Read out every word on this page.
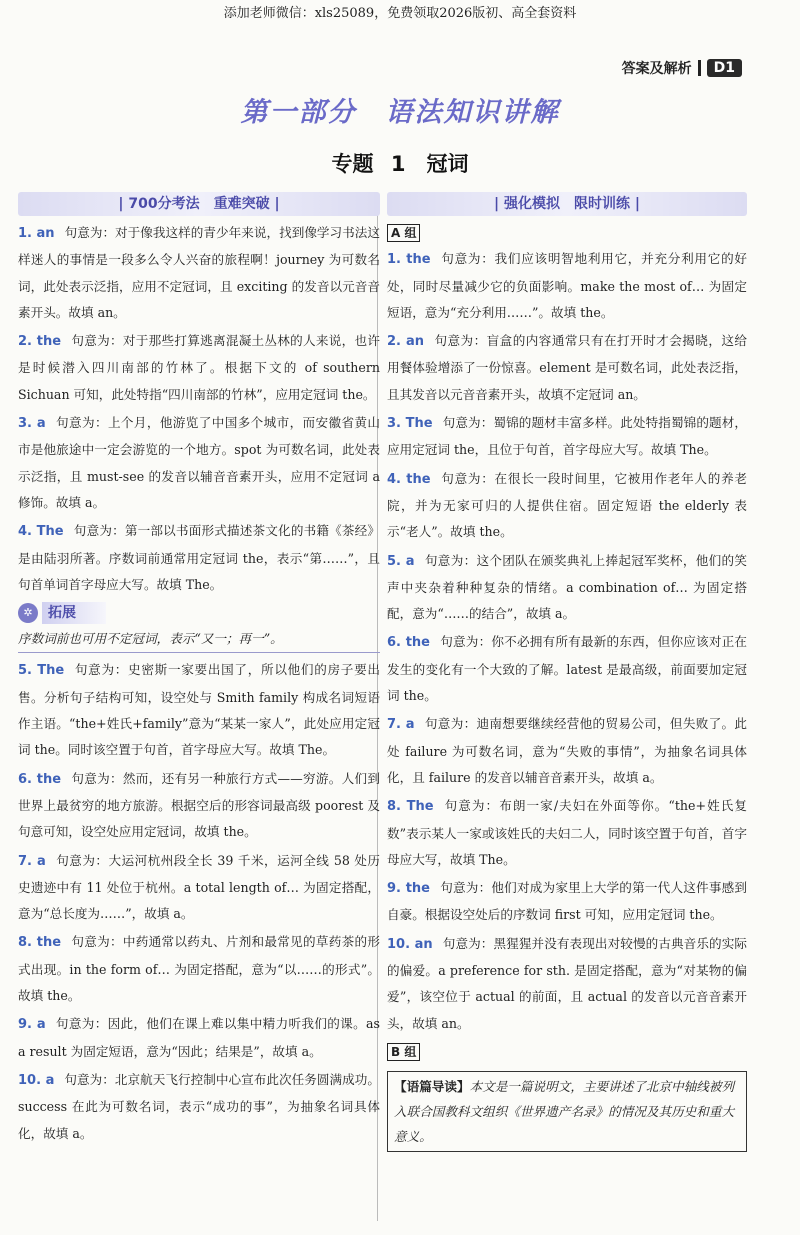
添加老师微信：xls25089，免费领取2026版初、高全套资料
答案及解析	D1
第一部分　语法知识讲解
专题 1　冠词
| 700分考法　重难突破 |
1. an 句意为：对于像我这样的青少年来说，找到像学习书法这样迷人的事情是一段多么令人兴奋的旅程啊！journey 为可数名词，此处表示泛指，应用不定冠词，且 exciting 的发音以元音音素开头。故填 an。
2. the 句意为：对于那些打算逃离混凝土丛林的人来说，也许是时候潜入四川南部的竹林了。根据下文的 of southern Sichuan 可知，此处特指“四川南部的竹林”，应用定冠词 the。
3. a 句意为：上个月，他游览了中国多个城市，而安徽省黄山市是他旅途中一定会游览的一个地方。spot 为可数名词，此处表示泛指，且 must-see 的发音以辅音音素开头，应用不定冠词 a 修饰。故填 a。
4. The 句意为：第一部以书面形式描述茶文化的书籍《茶经》是由陆羽所著。序数词前通常用定冠词 the，表示“第……”，且句首单词首字母应大写。故填 The。
✲	拓展
序数词前也可用不定冠词，表示“又一；再一”。
5. The 句意为：史密斯一家要出国了，所以他们的房子要出售。分析句子结构可知，设空处与 Smith family 构成名词短语作主语。“the+姓氏+family”意为“某某一家人”，此处应用定冠词 the。同时该空置于句首，首字母应大写。故填 The。
6. the 句意为：然而，还有另一种旅行方式——穷游。人们到世界上最贫穷的地方旅游。根据空后的形容词最高级 poorest 及句意可知，设空处应用定冠词，故填 the。
7. a 句意为：大运河杭州段全长 39 千米，运河全线 58 处历史遗迹中有 11 处位于杭州。a total length of… 为固定搭配，意为“总长度为……”，故填 a。
8. the 句意为：中药通常以药丸、片剂和最常见的草药茶的形式出现。in the form of… 为固定搭配，意为“以……的形式”。故填 the。
9. a 句意为：因此，他们在课上难以集中精力听我们的课。as a result 为固定短语，意为“因此；结果是”，故填 a。
10. a 句意为：北京航天飞行控制中心宣布此次任务圆满成功。success 在此为可数名词，表示“成功的事”，为抽象名词具体化，故填 a。
| 强化模拟　限时训练 |
A 组
1. the 句意为：我们应该明智地利用它，并充分利用它的好处，同时尽量减少它的负面影响。make the most of… 为固定短语，意为“充分利用……”。故填 the。
2. an 句意为：盲盒的内容通常只有在打开时才会揭晓，这给用餐体验增添了一份惊喜。element 是可数名词，此处表泛指，且其发音以元音音素开头，故填不定冠词 an。
3. The 句意为：蜀锦的题材丰富多样。此处特指蜀锦的题材，应用定冠词 the，且位于句首，首字母应大写。故填 The。
4. the 句意为：在很长一段时间里，它被用作老年人的养老院，并为无家可归的人提供住宿。固定短语 the elderly 表示“老人”。故填 the。
5. a 句意为：这个团队在颁奖典礼上捧起冠军奖杯，他们的笑声中夹杂着种种复杂的情绪。a combination of… 为固定搭配，意为“……的结合”，故填 a。
6. the 句意为：你不必拥有所有最新的东西，但你应该对正在发生的变化有一个大致的了解。latest 是最高级，前面要加定冠词 the。
7. a 句意为：迪南想要继续经营他的贸易公司，但失败了。此处 failure 为可数名词，意为“失败的事情”，为抽象名词具体化，且 failure 的发音以辅音音素开头，故填 a。
8. The 句意为：布朗一家/夫妇在外面等你。“the+姓氏复数”表示某人一家或该姓氏的夫妇二人，同时该空置于句首，首字母应大写，故填 The。
9. the 句意为：他们对成为家里上大学的第一代人这件事感到自豪。根据设空处后的序数词 first 可知，应用定冠词 the。
10. an 句意为：黑猩猩并没有表现出对较慢的古典音乐的实际的偏爱。a preference for sth. 是固定搭配，意为“对某物的偏爱”，该空位于 actual 的前面，且 actual 的发音以元音音素开头，故填 an。
B 组
【语篇导读】本文是一篇说明文，主要讲述了北京中轴线被列入联合国教科文组织《世界遗产名录》的情况及其历史和重大意义。
